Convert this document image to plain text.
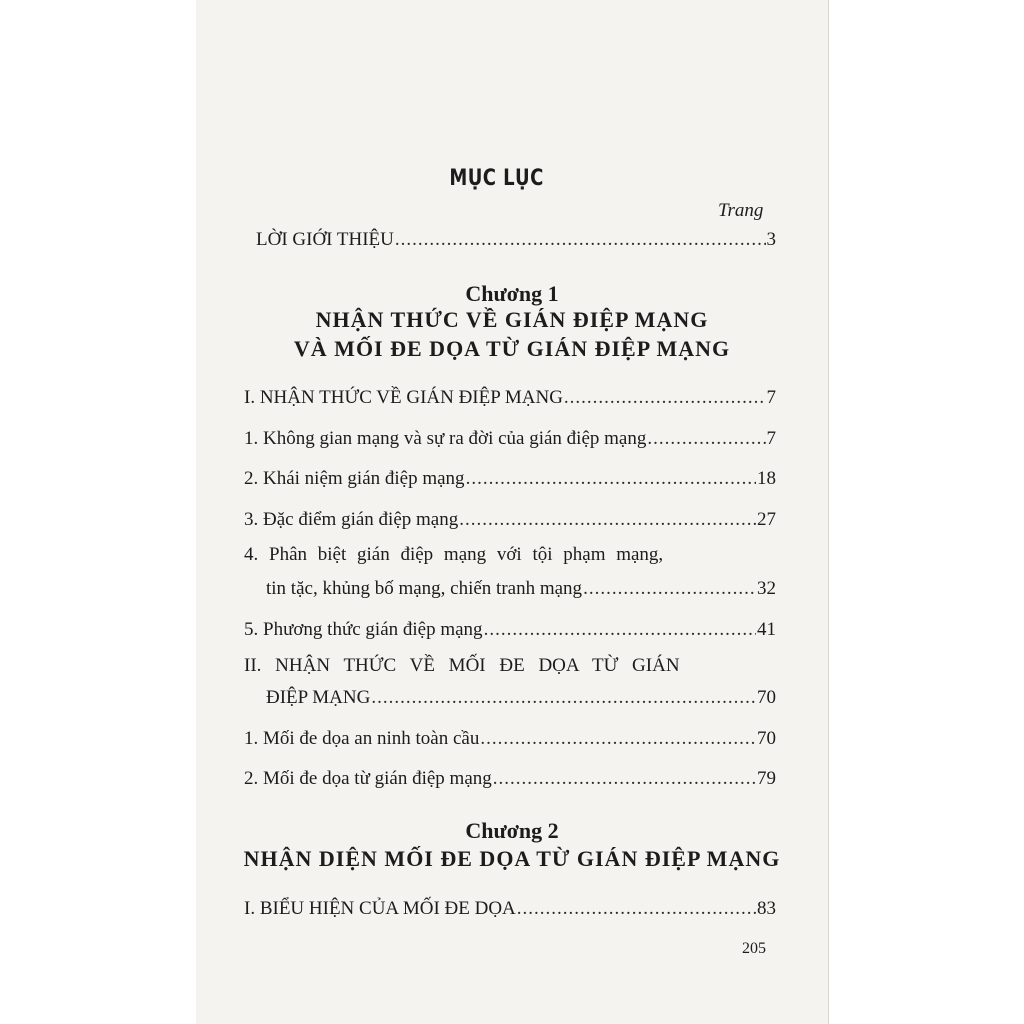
MỤC LỤC
Trang
LỜI GIỚI THIỆU .....	3
Chương 1
NHẬN THỨC VỀ GIÁN ĐIỆP MẠNG
VÀ MỐI ĐE DỌA TỪ GIÁN ĐIỆP MẠNG
I. NHẬN THỨC VỀ GIÁN ĐIỆP MẠNG .....	7
1. Không gian mạng và sự ra đời của gián điệp mạng .....	7
2. Khái niệm gián điệp mạng .....	18
3. Đặc điểm gián điệp mạng .....	27
4. Phân biệt gián điệp mạng với tội phạm mạng,
tin tặc, khủng bố mạng, chiến tranh mạng .....	32
5. Phương thức gián điệp mạng .....	41
II. NHẬN THỨC VỀ MỐI ĐE DỌA TỪ GIÁN
ĐIỆP MẠNG .....	70
1. Mối đe dọa an ninh toàn cầu .....	70
2. Mối đe dọa từ gián điệp mạng .....	79
Chương 2
NHẬN DIỆN MỐI ĐE DỌA TỪ GIÁN ĐIỆP MẠNG
I. BIỂU HIỆN CỦA MỐI ĐE DỌA .....	83
205
